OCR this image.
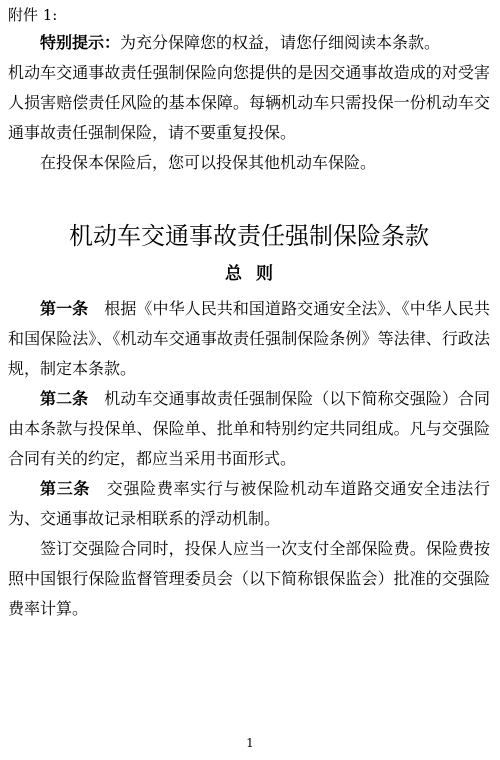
附件 1:

特别提示：为充分保障您的权益，请您仔细阅读本条款。

机动车交通事故责任强制保险向您提供的是因交通事故造成的对受害人损害赔偿责任风险的基本保障。每辆机动车只需投保一份机动车交通事故责任强制保险，请不要重复投保。

在投保本保险后，您可以投保其他机动车保险。

机动车交通事故责任强制保险条款
总则

第一条  根据《中华人民共和国道路交通安全法》、《中华人民共和国保险法》、《机动车交通事故责任强制保险条例》等法律、行政法规，制定本条款。

第二条  机动车交通事故责任强制保险（以下简称交强险）合同由本条款与投保单、保险单、批单和特别约定共同组成。凡与交强险合同有关的约定，都应当采用书面形式。

第三条  交强险费率实行与被保险机动车道路交通安全违法行为、交通事故记录相联系的浮动机制。

签订交强险合同时，投保人应当一次支付全部保险费。保险费按照中国银行保险监督管理委员会（以下简称银保监会）批准的交强险费率计算。

1
